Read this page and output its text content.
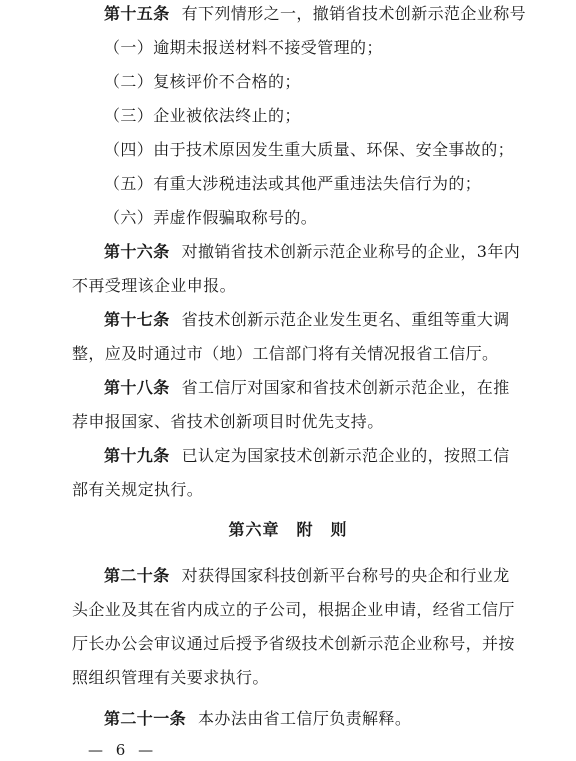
第十五条 有下列情形之一，撤销省技术创新示范企业称号
（一）逾期未报送材料不接受管理的；
（二）复核评价不合格的；
（三）企业被依法终止的；
（四）由于技术原因发生重大质量、环保、安全事故的；
（五）有重大涉税违法或其他严重违法失信行为的；
（六）弄虚作假骗取称号的。
第十六条 对撤销省技术创新示范企业称号的企业，3年内
不再受理该企业申报。
第十七条 省技术创新示范企业发生更名、重组等重大调
整，应及时通过市（地）工信部门将有关情况报省工信厅。
第十八条 省工信厅对国家和省技术创新示范企业，在推
荐申报国家、省技术创新项目时优先支持。
第十九条 已认定为国家技术创新示范企业的，按照工信
部有关规定执行。
第六章　附　则
第二十条 对获得国家科技创新平台称号的央企和行业龙
头企业及其在省内成立的子公司，根据企业申请，经省工信厅
厅长办公会审议通过后授予省级技术创新示范企业称号，并按
照组织管理有关要求执行。
第二十一条 本办法由省工信厅负责解释。
— 6 —
